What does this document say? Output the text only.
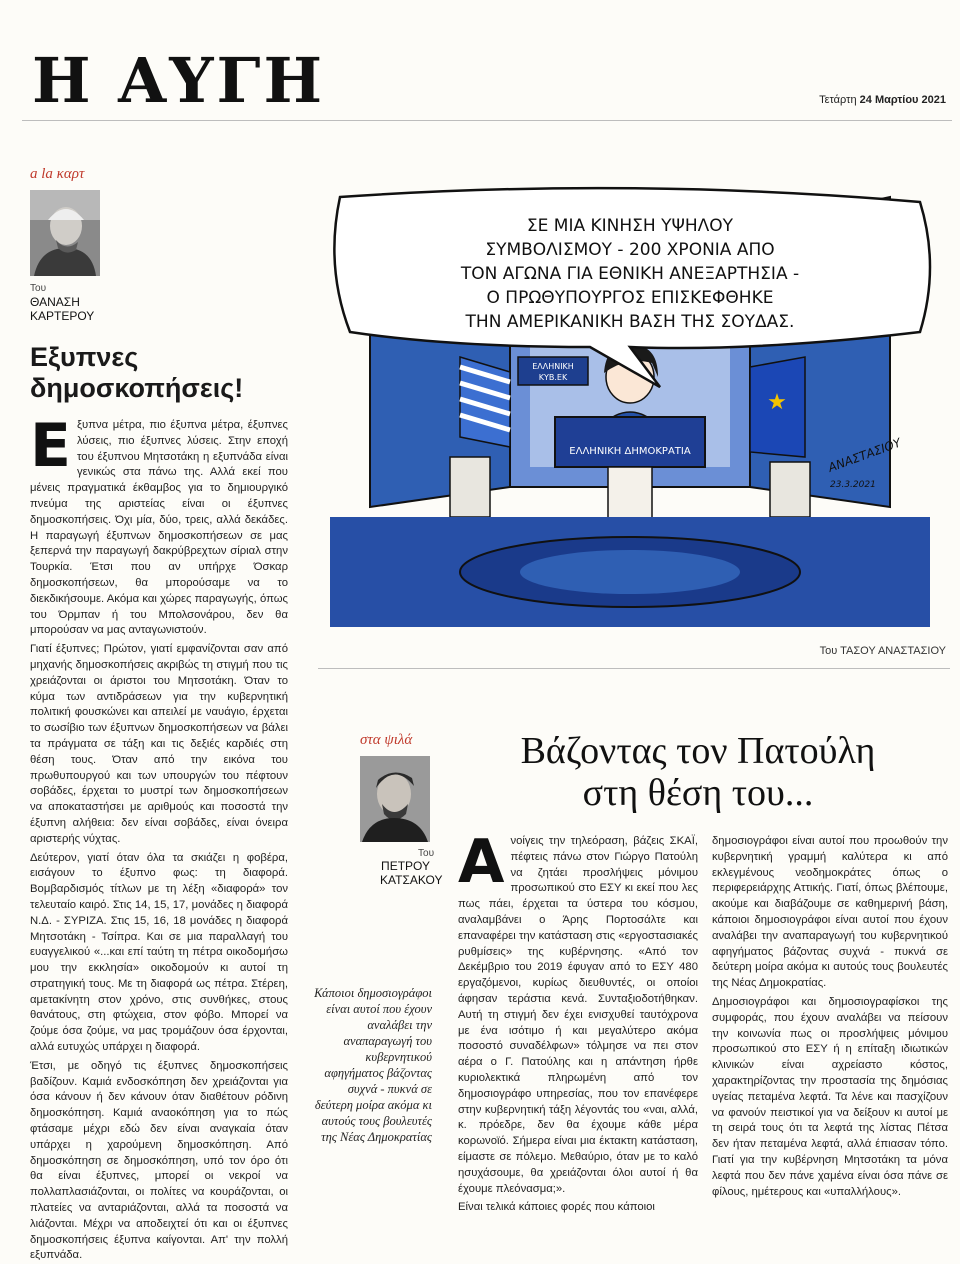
Η ΑΥΓΗ	Τετάρτη 24 Μαρτίου 2021
a la καρτ
Του
ΘΑΝΑΣΗ
ΚΑΡΤΕΡΟΥ
Εξυπνες δημοσκοπήσεις!
Ε ξυπνα μέτρα, πιο έξυπνα μέτρα, έξυπνες λύσεις, πιο έξυπνες λύσεις. Στην εποχή του έξυπνου Μητσοτάκη η εξυπνάδα είναι γενικώς στα πάνω της. Αλλά εκεί που μένεις πραγματικά έκθαμβος για το δημιουργικό πνεύμα της αριστείας είναι οι έξυπνες δημοσκοπήσεις. Όχι μία, δύο, τρεις, αλλά δεκάδες. Η παραγωγή έξυπνων δημοσκοπήσεων σε μας ξεπερνά την παραγωγή δακρύβρεχτων σίριαλ στην Τουρκία. Έτσι που αν υπήρχε Όσκαρ δημοσκοπήσεων, θα μπορούσαμε να το διεκδικήσουμε. Ακόμα και χώρες παραγωγής, όπως του Όρμπαν ή του Μπολσονάρου, δεν θα μπορούσαν να μας ανταγωνιστούν.

Γιατί έξυπνες; Πρώτον, γιατί εμφανίζονται σαν από μηχανής δημοσκοπήσεις ακριβώς τη στιγμή που τις χρειάζονται οι άριστοι του Μητσοτάκη. Όταν το κύμα των αντιδράσεων για την κυβερνητική πολιτική φουσκώνει και απειλεί με ναυάγιο, έρχεται το σωσίβιο των έξυπνων δημοσκοπήσεων να βάλει τα πράγματα σε τάξη και τις δεξιές καρδιές στη θέση τους. Όταν από την εικόνα του πρωθυπουργού και των υπουργών του πέφτουν σοβάδες, έρχεται το μυστρί των δημοσκοπήσεων να αποκαταστήσει με αριθμούς και ποσοστά την έξυπνη αλήθεια: δεν είναι σοβάδες, είναι όνειρα αριστερής νύχτας.

Δεύτερον, γιατί όταν όλα τα σκιάζει η φοβέρα, εισάγουν το έξυπνο φως: τη διαφορά. Βομβαρδισμός τίτλων με τη λέξη «διαφορά» τον τελευταίο καιρό. Στις 14, 15, 17, μονάδες η διαφορά Ν.Δ. - ΣΥΡΙΖΑ. Στις 15, 16, 18 μονάδες η διαφορά Μητσοτάκη - Τσίπρα. Και σε μια παραλλαγή του ευαγγελικού «...και επί ταύτη τη πέτρα οικοδομήσω μου την εκκλησία» οικοδομούν κι αυτοί τη στρατηγική τους. Με τη διαφορά ως πέτρα. Στέρεη, αμετακίνητη στον χρόνο, στις συνθήκες, στους θανάτους, στη φτώχεια, στον φόβο. Μπορεί να ζούμε όσα ζούμε, να μας τρομάζουν όσα έρχονται, αλλά ευτυχώς υπάρχει η διαφορά.

Έτσι, με οδηγό τις έξυπνες δημοσκοπήσεις βαδίζουν. Καμιά ενδοσκόπηση δεν χρειάζονται για όσα κάνουν ή δεν κάνουν όταν διαθέτουν ρόδινη δημοσκόπηση. Καμιά αναοκόπηση για το πώς φτάσαμε μέχρι εδώ δεν είναι αναγκαία όταν υπάρχει η χαρούμενη δημοσκόπηση. Από δημοσκόπηση σε δημοσκόπηση, υπό τον όρο ότι θα είναι έξυπνες, μπορεί οι νεκροί να πολλαπλασιάζονται, οι πολίτες να κουράζονται, οι πλατείες να ανταριάζονται, αλλά τα ποσοστά να λιάζονται. Μέχρι να αποδειχτεί ότι και οι έξυπνες δημοσκοπήσεις έξυπνα καίγονται. Απ' την πολλή εξυπνάδα.

★
ΕΛΛΗΝΙΚΗ
ΚΥΒ.ΕΚ
ΕΛΛΗΝΙΚΗ ΔΗΜΟΚΡΑΤΙΑ
ΣΕ ΜΙΑ ΚΙΝΗΣΗ ΥΨΗΛΟΥ
ΣΥΜΒΟΛΙΣΜΟΥ - 200 ΧΡΟΝΙΑ ΑΠΟ
ΤΟΝ ΑΓΩΝΑ ΓΙΑ ΕΘΝΙΚΗ ΑΝΕΞΑΡΤΗΣΙΑ -
Ο ΠΡΩΘΥΠΟΥΡΓΟΣ ΕΠΙΣΚΕΦΘΗΚΕ
ΤΗΝ ΑΜΕΡΙΚΑΝΙΚΗ ΒΑΣΗ ΤΗΣ ΣΟΥΔΑΣ.
ΑΝΑΣΤΑΣΙΟΥ
23.3.2021
Του ΤΑΣΟΥ ΑΝΑΣΤΑΣΙΟΥ
στα ψιλά
Του
ΠΕΤΡΟΥ
ΚΑΤΣΑΚΟΥ
Κάποιοι δημοσιογράφοι είναι αυτοί που έχουν αναλάβει την αναπαραγωγή του κυβερνητικού αφηγήματος βάζοντας συχνά - πυκνά σε δεύτερη μοίρα ακόμα κι αυτούς τους βουλευτές της Νέας Δημοκρατίας
Βάζοντας τον Πατούλη
στη θέση του...
Α νοίγεις την τηλεόραση, βάζεις ΣΚΑΪ, πέφτεις πάνω στον Γιώργο Πατούλη να ζητάει προσλήψεις μόνιμου προσωπικού στο ΕΣΥ κι εκεί που λες πως πάει, έρχεται τα ύστερα του κόσμου, αναλαμβάνει ο Άρης Πορτοσάλτε και επαναφέρει την κατάσταση στις «εργοστασιακές ρυθμίσεις» της κυβέρνησης. «Από τον Δεκέμβριο του 2019 έφυγαν από το ΕΣΥ 480 εργαζόμενοι, κυρίως διευθυντές, οι οποίοι άφησαν τεράστια κενά. Συνταξιοδοτήθηκαν. Αυτή τη στιγμή δεν έχει ενισχυθεί ταυτόχρονα με ένα ισότιμο ή και μεγαλύτερο ακόμα ποσοστό συναδέλφων» τόλμησε να πει στον αέρα ο Γ. Πατούλης και η απάντηση ήρθε κυριολεκτικά πληρωμένη από τον δημοσιογράφο υπηρεσίας, που τον επανέφερε στην κυβερνητική τάξη λέγοντάς του «ναι, αλλά, κ. πρόεδρε, δεν θα έχουμε κάθε μέρα κορωνοϊό. Σήμερα είναι μια έκτακτη κατάσταση, είμαστε σε πόλεμο. Μεθαύριο, όταν με το καλό ησυχάσουμε, θα χρειάζονται όλοι αυτοί ή θα έχουμε πλεόνασμα;».

Είναι τελικά κάποιες φορές που κάποιοι

δημοσιογράφοι είναι αυτοί που προωθούν την κυβερνητική γραμμή καλύτερα κι από εκλεγμένους νεοδημοκράτες όπως ο περιφερειάρχης Αττικής. Γιατί, όπως βλέπουμε, ακούμε και διαβάζουμε σε καθημερινή βάση, κάποιοι δημοσιογράφοι είναι αυτοί που έχουν αναλάβει την αναπαραγωγή του κυβερνητικού αφηγήματος βάζοντας συχνά - πυκνά σε δεύτερη μοίρα ακόμα κι αυτούς τους βουλευτές της Νέας Δημοκρατίας.

Δημοσιογράφοι και δημοσιογραφίσκοι της συμφοράς, που έχουν αναλάβει να πείσουν την κοινωνία πως οι προσλήψεις μόνιμου προσωπικού στο ΕΣΥ ή η επίταξη ιδιωτικών κλινικών είναι αχρείαστο κόστος, χαρακτηρίζοντας την προστασία της δημόσιας υγείας πεταμένα λεφτά. Τα λένε και πασχίζουν να φανούν πειστικοί για να δείξουν κι αυτοί με τη σειρά τους ότι τα λεφτά της λίστας Πέτσα δεν ήταν πεταμένα λεφτά, αλλά έπιασαν τόπο. Γιατί για την κυβέρνηση Μητσοτάκη τα μόνα λεφτά που δεν πάνε χαμένα είναι όσα πάνε σε φίλους, ημέτερους και «υπαλλήλους».
